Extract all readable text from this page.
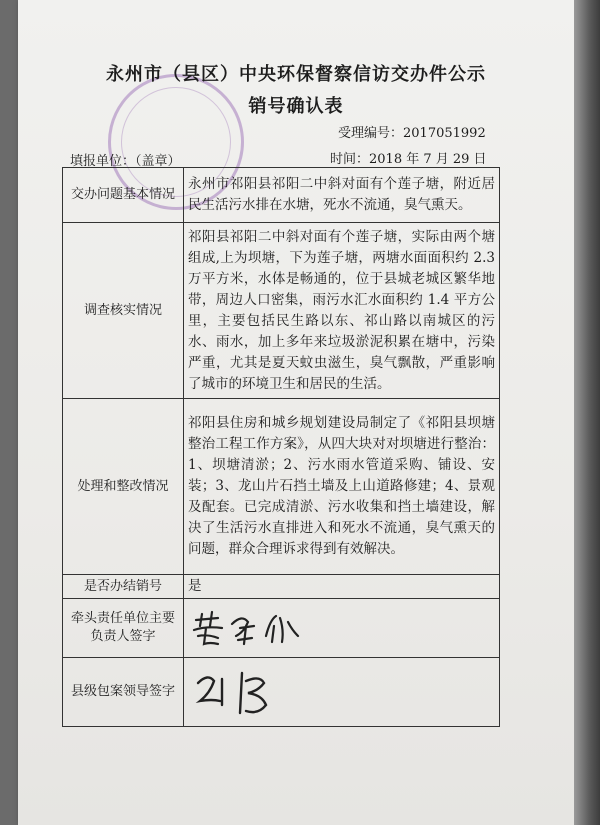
永州市（县区）中央环保督察信访交办件公示
销号确认表
受理编号：2017051992
填报单位：（盖章）	时间：2018 年 7 月 29 日
交办问题基本情况	永州市祁阳县祁阳二中斜对面有个莲子塘，附近居民生活污水排在水塘，死水不流通，臭气熏天。
调查核实情况	祁阳县祁阳二中斜对面有个莲子塘，实际由两个塘组成,上为坝塘，下为莲子塘，两塘水面面积约 2.3 万平方米，水体是畅通的，位于县城老城区繁华地带，周边人口密集，雨污水汇水面积约 1.4 平方公里，主要包括民生路以东、祁山路以南城区的污水、雨水，加上多年来垃圾淤泥积累在塘中，污染严重，尤其是夏天蚊虫滋生，臭气飘散，严重影响了城市的环境卫生和居民的生活。
处理和整改情况	祁阳县住房和城乡规划建设局制定了《祁阳县坝塘整治工程工作方案》，从四大块对对坝塘进行整治：1、坝塘清淤；2、污水雨水管道采购、铺设、安装；3、龙山片石挡土墙及上山道路修建；4、景观及配套。已完成清淤、污水收集和挡土墙建设，解决了生活污水直排进入和死水不流通，臭气熏天的问题，群众合理诉求得到有效解决。
是否办结销号	是
牵头责任单位主要负责人签字	

县级包案领导签字	
